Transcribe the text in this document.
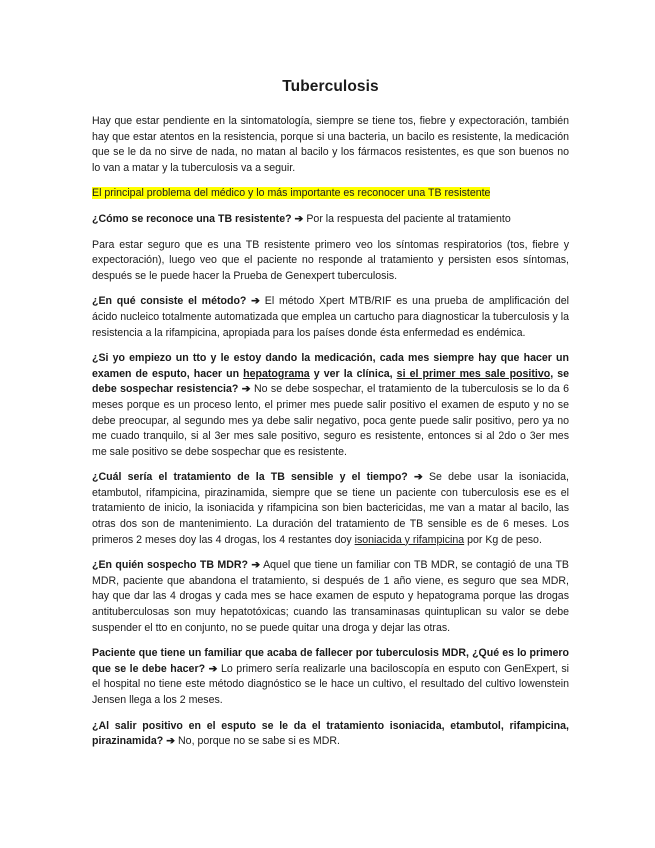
Tuberculosis

Hay que estar pendiente en la sintomatología, siempre se tiene tos, fiebre y expectoración, también hay que estar atentos en la resistencia, porque si una bacteria, un bacilo es resistente, la medicación que se le da no sirve de nada, no matan al bacilo y los fármacos resistentes, es que son buenos no lo van a matar y la tuberculosis va a seguir.

El principal problema del médico y lo más importante es reconocer una TB resistente

¿Cómo se reconoce una TB resistente? ➔ Por la respuesta del paciente al tratamiento

Para estar seguro que es una TB resistente primero veo los síntomas respiratorios (tos, fiebre y expectoración), luego veo que el paciente no responde al tratamiento y persisten esos síntomas, después se le puede hacer la Prueba de Genexpert tuberculosis.

¿En qué consiste el método? ➔ El método Xpert MTB/RIF es una prueba de amplificación del ácido nucleico totalmente automatizada que emplea un cartucho para diagnosticar la tuberculosis y la resistencia a la rifampicina, apropiada para los países donde ésta enfermedad es endémica.

¿Si yo empiezo un tto y le estoy dando la medicación, cada mes siempre hay que hacer un examen de esputo, hacer un hepatograma y ver la clínica, si el primer mes sale positivo, se debe sospechar resistencia? ➔ No se debe sospechar, el tratamiento de la tuberculosis se lo da 6 meses porque es un proceso lento, el primer mes puede salir positivo el examen de esputo y no se debe preocupar, al segundo mes ya debe salir negativo, poca gente puede salir positivo, pero ya no me cuado tranquilo, si al 3er mes sale positivo, seguro es resistente, entonces si al 2do o 3er mes me sale positivo se debe sospechar que es resistente.

¿Cuál sería el tratamiento de la TB sensible y el tiempo? ➔ Se debe usar la isoniacida, etambutol, rifampicina, pirazinamida, siempre que se tiene un paciente con tuberculosis ese es el tratamiento de inicio, la isoniacida y rifampicina son bien bactericidas, me van a matar al bacilo, las otras dos son de mantenimiento. La duración del tratamiento de TB sensible es de 6 meses. Los primeros 2 meses doy las 4 drogas, los 4 restantes doy isoniacida y rifampicina por Kg de peso.

¿En quién sospecho TB MDR? ➔ Aquel que tiene un familiar con TB MDR, se contagió de una TB MDR, paciente que abandona el tratamiento, si después de 1 año viene, es seguro que sea MDR, hay que dar las 4 drogas y cada mes se hace examen de esputo y hepatograma porque las drogas antituberculosas son muy hepatotóxicas; cuando las transaminasas quintuplican su valor se debe suspender el tto en conjunto, no se puede quitar una droga y dejar las otras.

Paciente que tiene un familiar que acaba de fallecer por tuberculosis MDR, ¿Qué es lo primero que se le debe hacer? ➔ Lo primero sería realizarle una baciloscopía en esputo con GenExpert, si el hospital no tiene este método diagnóstico se le hace un cultivo, el resultado del cultivo lowenstein Jensen llega a los 2 meses.

¿Al salir positivo en el esputo se le da el tratamiento isoniacida, etambutol, rifampicina, pirazinamida? ➔ No, porque no se sabe si es MDR.
